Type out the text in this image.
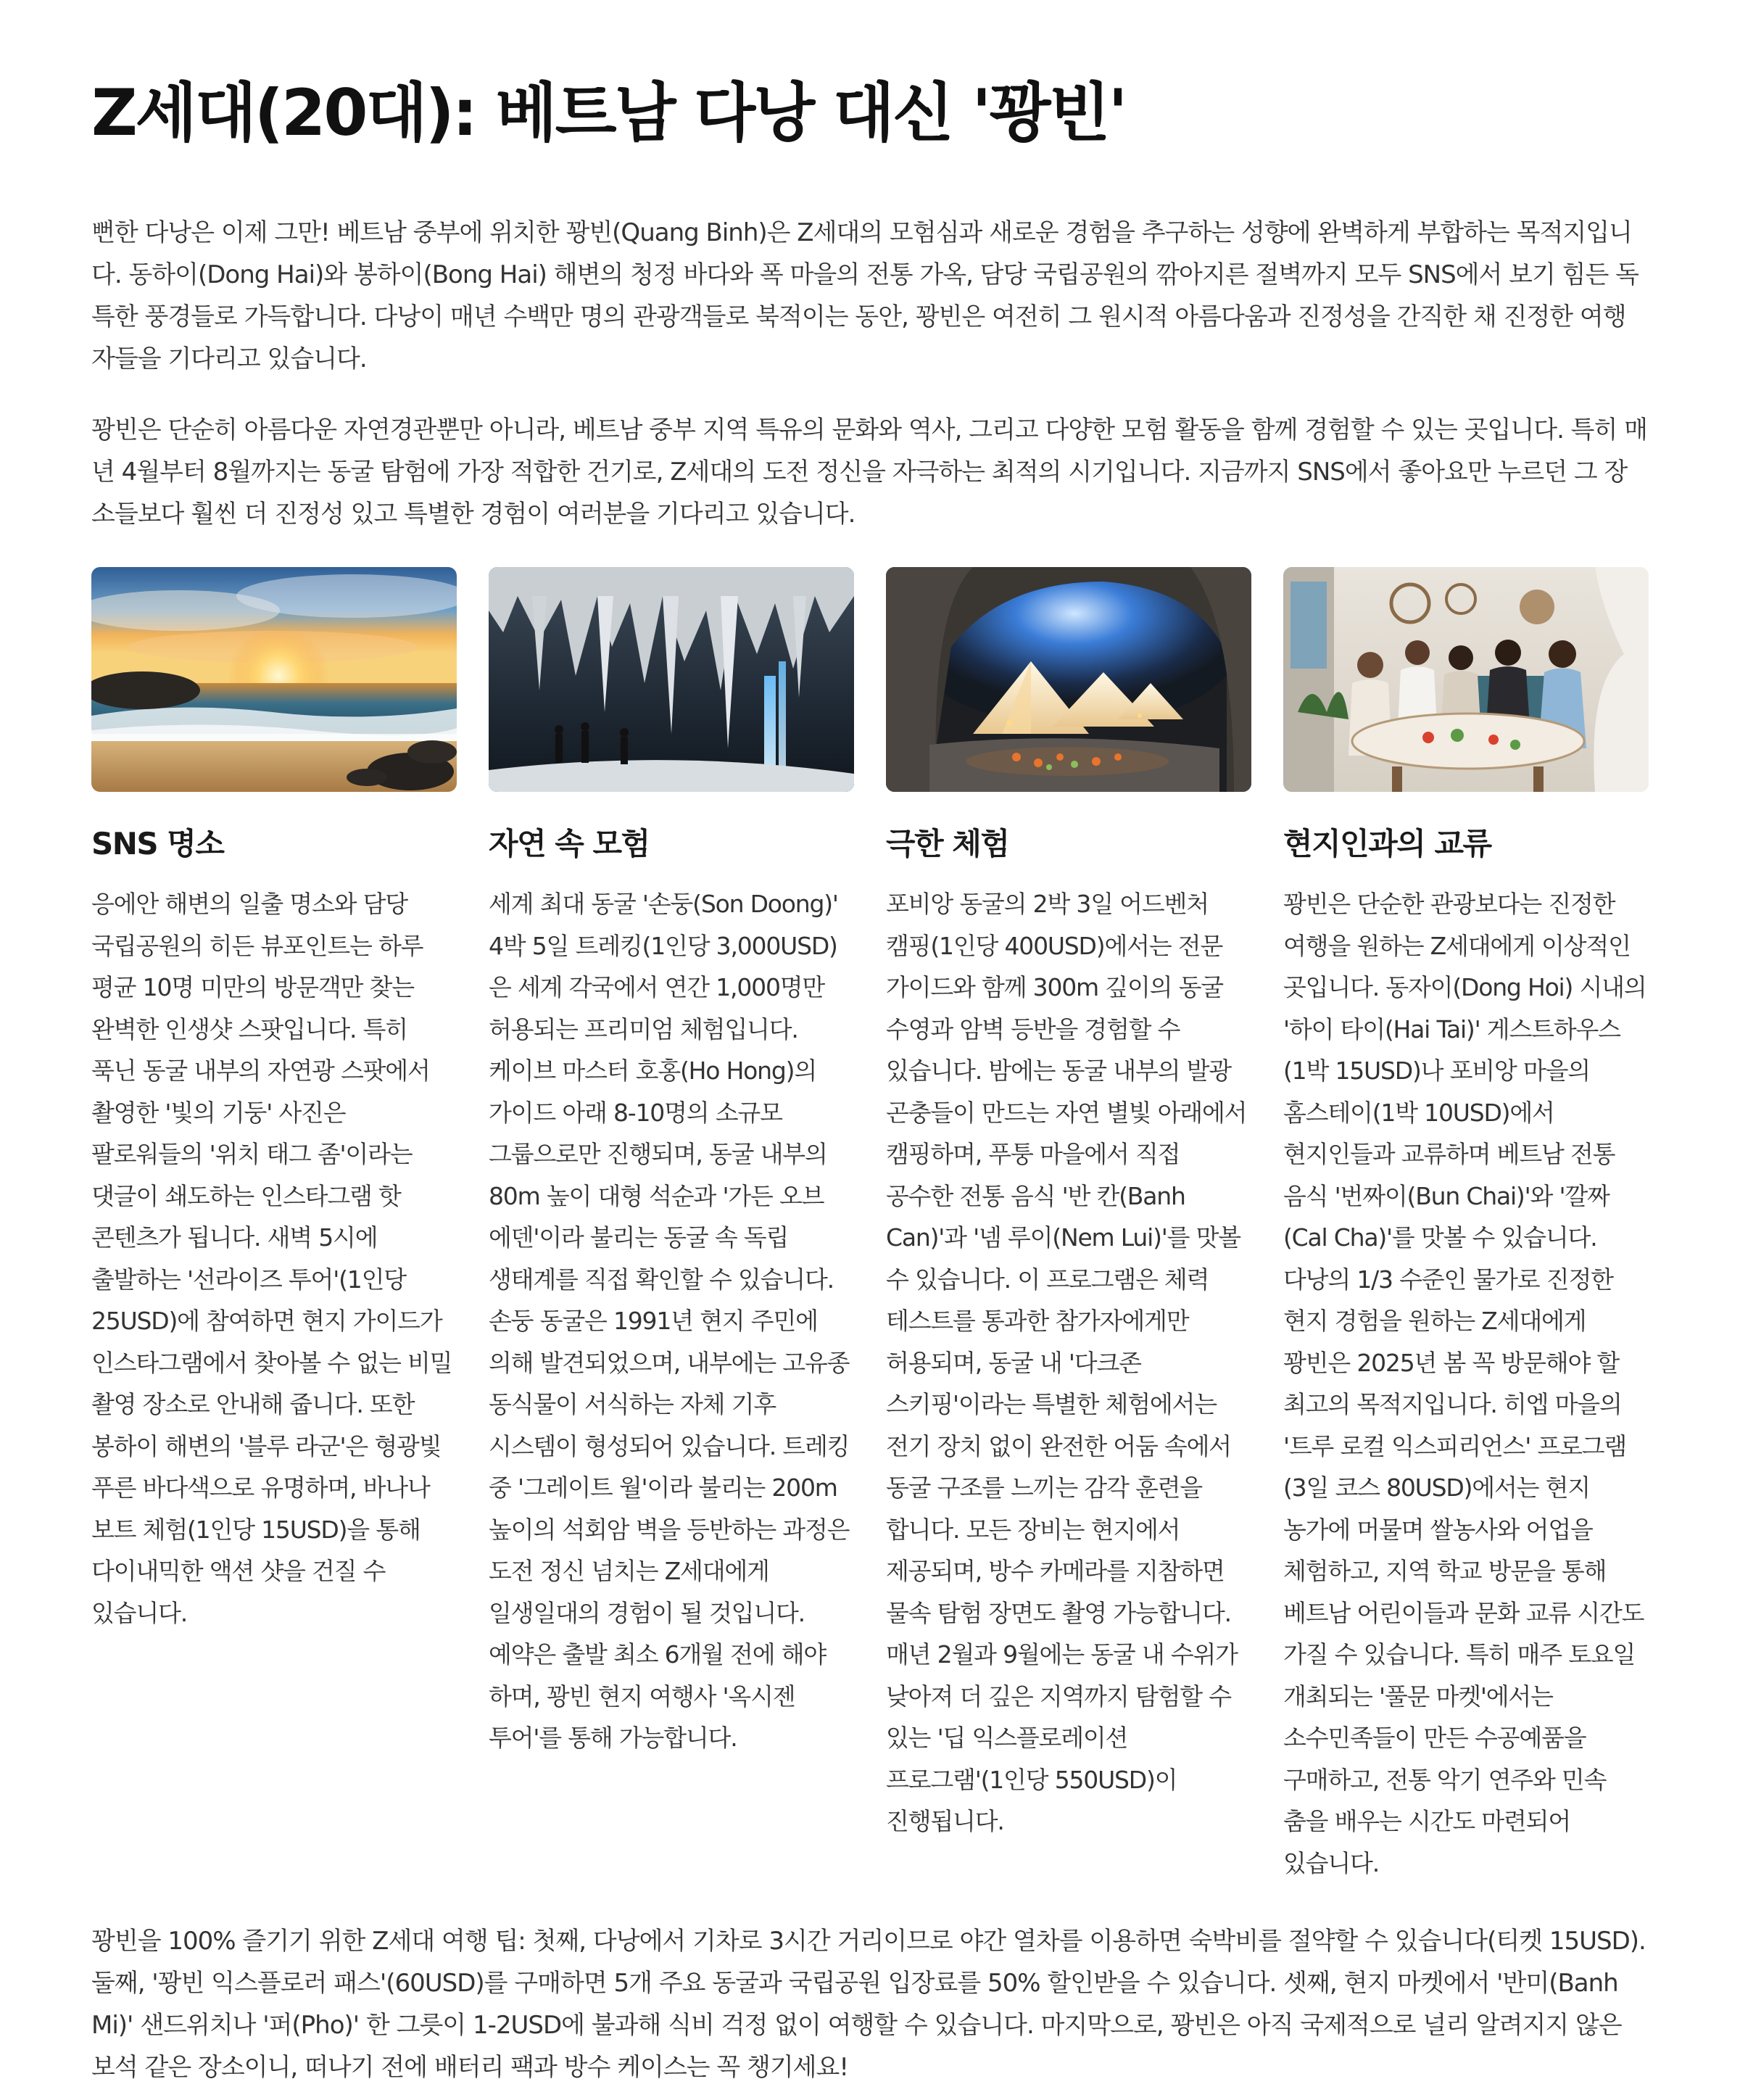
Z세대(20대): 베트남 다낭 대신 '꽝빈'

뻔한 다낭은 이제 그만! 베트남 중부에 위치한 꽝빈(Quang Binh)은 Z세대의 모험심과 새로운 경험을 추구하는 성향에 완벽하게 부합하는 목적지입니다. 동하이(Dong Hai)와 봉하이(Bong Hai) 해변의 청정 바다와 폭 마을의 전통 가옥, 담당 국립공원의 깎아지른 절벽까지 모두 SNS에서 보기 힘든 독특한 풍경들로 가득합니다. 다낭이 매년 수백만 명의 관광객들로 북적이는 동안, 꽝빈은 여전히 그 원시적 아름다움과 진정성을 간직한 채 진정한 여행자들을 기다리고 있습니다.

꽝빈은 단순히 아름다운 자연경관뿐만 아니라, 베트남 중부 지역 특유의 문화와 역사, 그리고 다양한 모험 활동을 함께 경험할 수 있는 곳입니다. 특히 매년 4월부터 8월까지는 동굴 탐험에 가장 적합한 건기로, Z세대의 도전 정신을 자극하는 최적의 시기입니다. 지금까지 SNS에서 좋아요만 누르던 그 장소들보다 훨씬 더 진정성 있고 특별한 경험이 여러분을 기다리고 있습니다.

SNS 명소

응에안 해변의 일출 명소와 담당 국립공원의 히든 뷰포인트는 하루 평균 10명 미만의 방문객만 찾는 완벽한 인생샷 스팟입니다. 특히 푹닌 동굴 내부의 자연광 스팟에서 촬영한 '빛의 기둥' 사진은 팔로워들의 '위치 태그 좀'이라는 댓글이 쇄도하는 인스타그램 핫 콘텐츠가 됩니다. 새벽 5시에 출발하는 '선라이즈 투어'(1인당 25USD)에 참여하면 현지 가이드가 인스타그램에서 찾아볼 수 없는 비밀 촬영 장소로 안내해 줍니다. 또한 봉하이 해변의 '블루 라군'은 형광빛 푸른 바다색으로 유명하며, 바나나 보트 체험(1인당 15USD)을 통해 다이내믹한 액션 샷을 건질 수 있습니다.

자연 속 모험

세계 최대 동굴 '손둥(Son Doong)' 4박 5일 트레킹(1인당 3,000USD)은 세계 각국에서 연간 1,000명만 허용되는 프리미엄 체험입니다. 케이브 마스터 호홍(Ho Hong)의 가이드 아래 8-10명의 소규모 그룹으로만 진행되며, 동굴 내부의 80m 높이 대형 석순과 '가든 오브 에덴'이라 불리는 동굴 속 독립 생태계를 직접 확인할 수 있습니다. 손둥 동굴은 1991년 현지 주민에 의해 발견되었으며, 내부에는 고유종 동식물이 서식하는 자체 기후 시스템이 형성되어 있습니다. 트레킹 중 '그레이트 월'이라 불리는 200m 높이의 석회암 벽을 등반하는 과정은 도전 정신 넘치는 Z세대에게 일생일대의 경험이 될 것입니다. 예약은 출발 최소 6개월 전에 해야 하며, 꽝빈 현지 여행사 '옥시젠 투어'를 통해 가능합니다.

극한 체험

포비앙 동굴의 2박 3일 어드벤처 캠핑(1인당 400USD)에서는 전문 가이드와 함께 300m 깊이의 동굴 수영과 암벽 등반을 경험할 수 있습니다. 밤에는 동굴 내부의 발광 곤충들이 만드는 자연 별빛 아래에서 캠핑하며, 푸퉁 마을에서 직접 공수한 전통 음식 '반 칸(Banh Can)'과 '넴 루이(Nem Lui)'를 맛볼 수 있습니다. 이 프로그램은 체력 테스트를 통과한 참가자에게만 허용되며, 동굴 내 '다크존 스키핑'이라는 특별한 체험에서는 전기 장치 없이 완전한 어둠 속에서 동굴 구조를 느끼는 감각 훈련을 합니다. 모든 장비는 현지에서 제공되며, 방수 카메라를 지참하면 물속 탐험 장면도 촬영 가능합니다. 매년 2월과 9월에는 동굴 내 수위가 낮아져 더 깊은 지역까지 탐험할 수 있는 '딥 익스플로레이션 프로그램'(1인당 550USD)이 진행됩니다.

현지인과의 교류

꽝빈은 단순한 관광보다는 진정한 여행을 원하는 Z세대에게 이상적인 곳입니다. 동자이(Dong Hoi) 시내의 '하이 타이(Hai Tai)' 게스트하우스(1박 15USD)나 포비앙 마을의 홈스테이(1박 10USD)에서 현지인들과 교류하며 베트남 전통 음식 '번짜이(Bun Chai)'와 '깔짜(Cal Cha)'를 맛볼 수 있습니다. 다낭의 1/3 수준인 물가로 진정한 현지 경험을 원하는 Z세대에게 꽝빈은 2025년 봄 꼭 방문해야 할 최고의 목적지입니다. 히엡 마을의 '트루 로컬 익스피리언스' 프로그램(3일 코스 80USD)에서는 현지 농가에 머물며 쌀농사와 어업을 체험하고, 지역 학교 방문을 통해 베트남 어린이들과 문화 교류 시간도 가질 수 있습니다. 특히 매주 토요일 개최되는 '풀문 마켓'에서는 소수민족들이 만든 수공예품을 구매하고, 전통 악기 연주와 민속 춤을 배우는 시간도 마련되어 있습니다.

꽝빈을 100% 즐기기 위한 Z세대 여행 팁: 첫째, 다낭에서 기차로 3시간 거리이므로 야간 열차를 이용하면 숙박비를 절약할 수 있습니다(티켓 15USD). 둘째, '꽝빈 익스플로러 패스'(60USD)를 구매하면 5개 주요 동굴과 국립공원 입장료를 50% 할인받을 수 있습니다. 셋째, 현지 마켓에서 '반미(Banh Mi)' 샌드위치나 '퍼(Pho)' 한 그릇이 1-2USD에 불과해 식비 걱정 없이 여행할 수 있습니다. 마지막으로, 꽝빈은 아직 국제적으로 널리 알려지지 않은 보석 같은 장소이니, 떠나기 전에 배터리 팩과 방수 케이스는 꼭 챙기세요!
